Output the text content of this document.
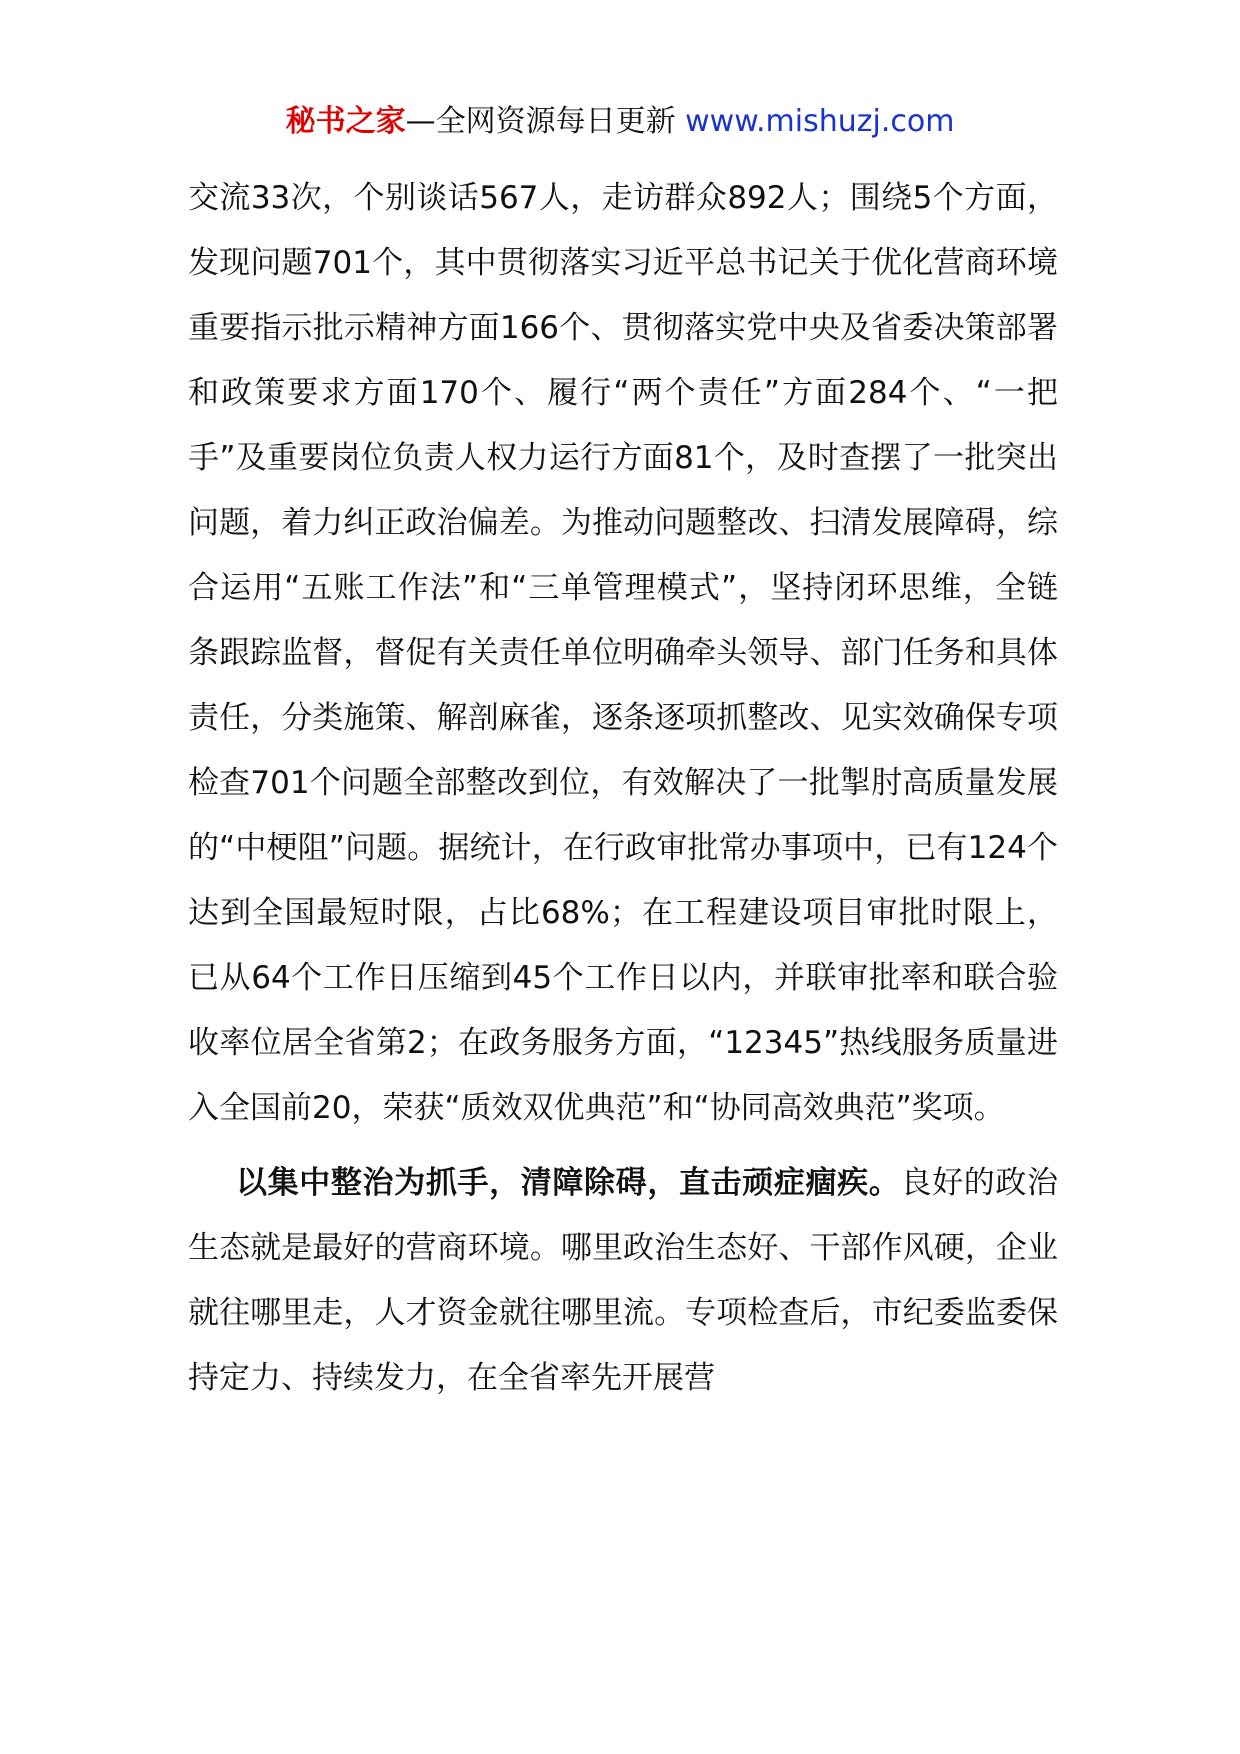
秘书之家—全网资源每日更新 www.mishuzj.com

交流33次，个别谈话567人，走访群众892人；围绕5个方面，发现问题701个，其中贯彻落实习近平总书记关于优化营商环境重要指示批示精神方面166个、贯彻落实党中央及省委决策部署和政策要求方面170个、履行“两个责任”方面284个、“一把手”及重要岗位负责人权力运行方面81个，及时查摆了一批突出问题，着力纠正政治偏差。为推动问题整改、扫清发展障碍，综合运用“五账工作法”和“三单管理模式”，坚持闭环思维，全链条跟踪监督，督促有关责任单位明确牵头领导、部门任务和具体责任，分类施策、解剖麻雀，逐条逐项抓整改、见实效确保专项检查701个问题全部整改到位，有效解决了一批掣肘高质量发展的“中梗阻”问题。据统计，在行政审批常办事项中，已有124个达到全国最短时限，占比68%；在工程建设项目审批时限上，已从64个工作日压缩到45个工作日以内，并联审批率和联合验收率位居全省第2；在政务服务方面，“12345”热线服务质量进入全国前20，荣获“质效双优典范”和“协同高效典范”奖项。

以集中整治为抓手，清障除碍，直击顽症痼疾。良好的政治生态就是最好的营商环境。哪里政治生态好、干部作风硬，企业就往哪里走，人才资金就往哪里流。专项检查后，市纪委监委保持定力、持续发力，在全省率先开展营
